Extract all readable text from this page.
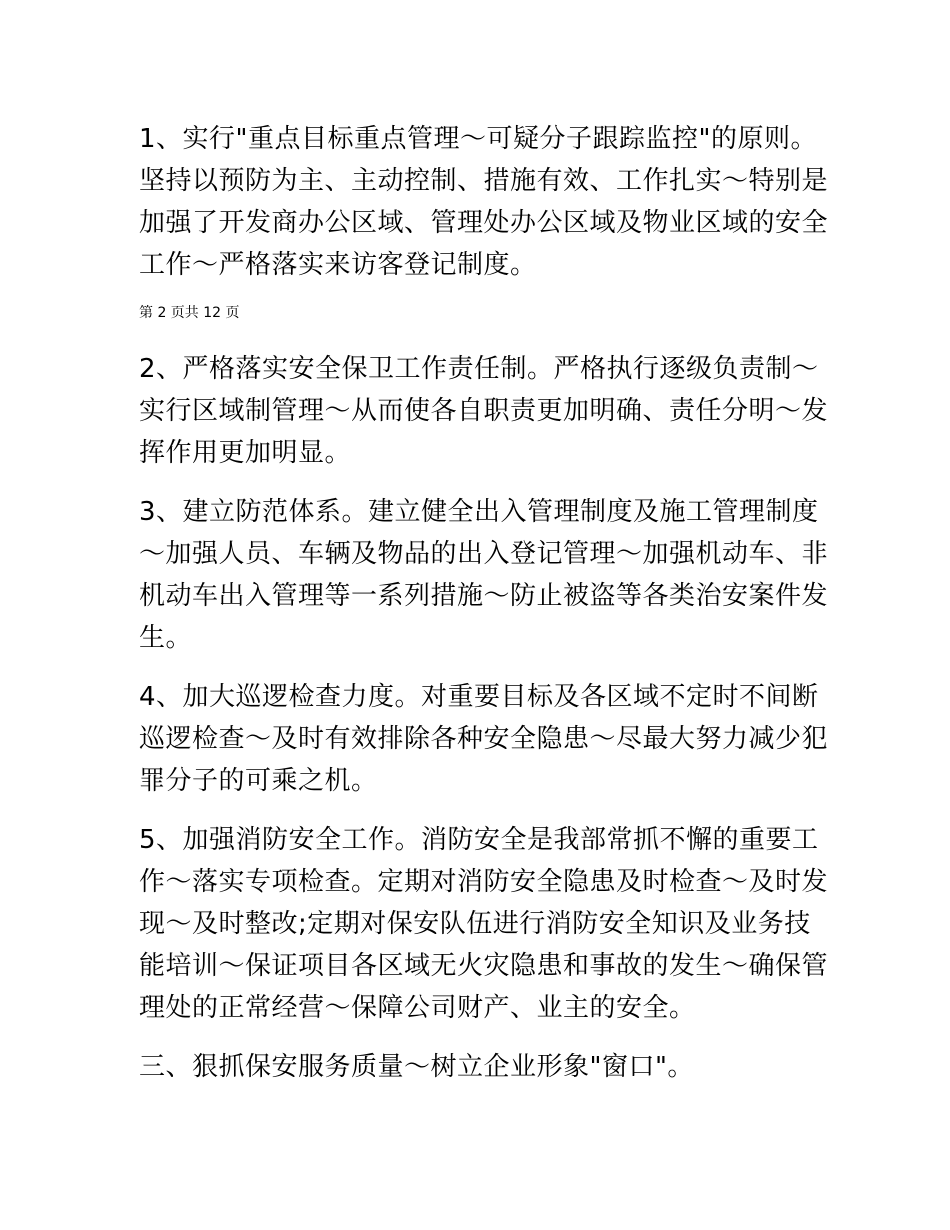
1、实行"重点目标重点管理～可疑分子跟踪监控"的原则。坚持以预防为主、主动控制、措施有效、工作扎实～特别是加强了开发商办公区域、管理处办公区域及物业区域的安全工作～严格落实来访客登记制度。

第 2 页共 12 页

2、严格落实安全保卫工作责任制。严格执行逐级负责制～实行区域制管理～从而使各自职责更加明确、责任分明～发挥作用更加明显。

3、建立防范体系。建立健全出入管理制度及施工管理制度～加强人员、车辆及物品的出入登记管理～加强机动车、非机动车出入管理等一系列措施～防止被盗等各类治安案件发生。

4、加大巡逻检查力度。对重要目标及各区域不定时不间断巡逻检查～及时有效排除各种安全隐患～尽最大努力减少犯罪分子的可乘之机。

5、加强消防安全工作。消防安全是我部常抓不懈的重要工作～落实专项检查。定期对消防安全隐患及时检查～及时发现～及时整改;定期对保安队伍进行消防安全知识及业务技能培训～保证项目各区域无火灾隐患和事故的发生～确保管理处的正常经营～保障公司财产、业主的安全。

三、狠抓保安服务质量～树立企业形象"窗口"。
